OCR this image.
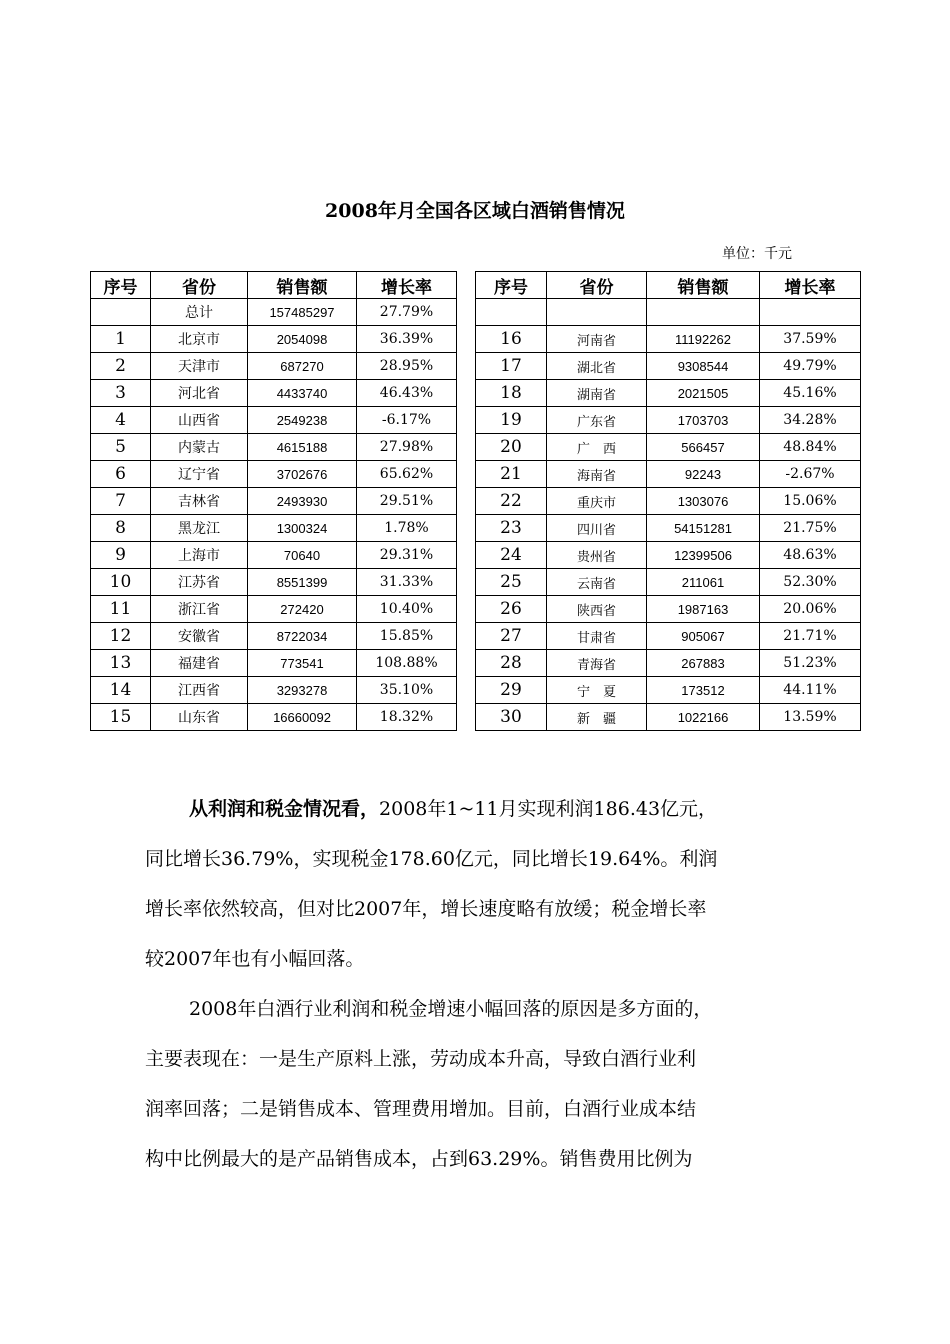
2008年月全国各区域白酒销售情况
单位：千元
序号	省份	销售额	增长率
	总计	157485297	27.79%
1	北京市	2054098	36.39%
2	天津市	687270	28.95%
3	河北省	4433740	46.43%
4	山西省	2549238	-6.17%
5	内蒙古	4615188	27.98%
6	辽宁省	3702676	65.62%
7	吉林省	2493930	29.51%
8	黑龙江	1300324	1.78%
9	上海市	70640	29.31%
10	江苏省	8551399	31.33%
11	浙江省	272420	10.40%
12	安徽省	8722034	15.85%
13	福建省	773541	108.88%
14	江西省	3293278	35.10%
15	山东省	16660092	18.32%
序号	省份	销售额	增长率

16	河南省	11192262	37.59%
17	湖北省	9308544	49.79%
18	湖南省	2021505	45.16%
19	广东省	1703703	34.28%
20	广　西	566457	48.84%
21	海南省	92243	-2.67%
22	重庆市	1303076	15.06%
23	四川省	54151281	21.75%
24	贵州省	12399506	48.63%
25	云南省	211061	52.30%
26	陕西省	1987163	20.06%
27	甘肃省	905067	21.71%
28	青海省	267883	51.23%
29	宁　夏	173512	44.11%
30	新　疆	1022166	13.59%
从利润和税金情况看，2008年1~11月实现利润186.43亿元，
同比增长36.79%，实现税金178.60亿元，同比增长19.64%。利润
增长率依然较高，但对比2007年，增长速度略有放缓；税金增长率
较2007年也有小幅回落。
2008年白酒行业利润和税金增速小幅回落的原因是多方面的，
主要表现在：一是生产原料上涨，劳动成本升高，导致白酒行业利
润率回落；二是销售成本、管理费用增加。目前，白酒行业成本结
构中比例最大的是产品销售成本，占到63.29%。销售费用比例为
